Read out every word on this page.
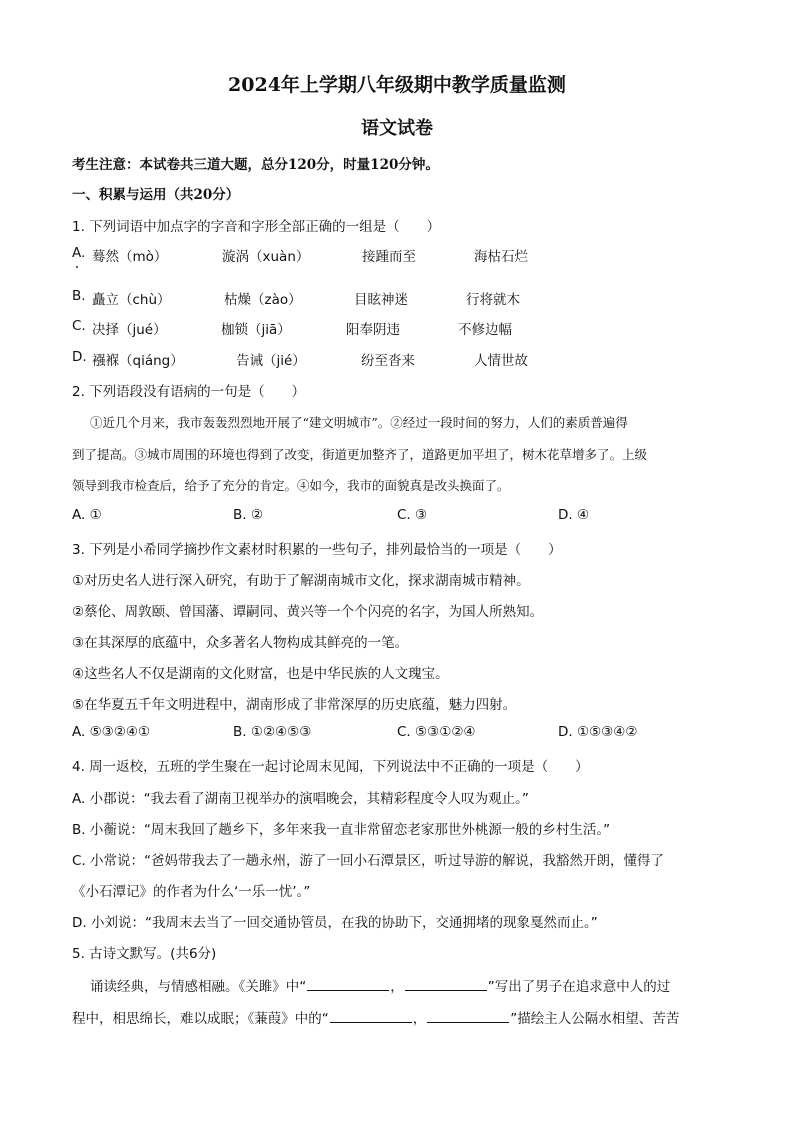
2024年上学期八年级期中教学质量监测
语文试卷
考生注意：本试卷共三道大题，总分120分，时量120分钟。
一、积累与运用（共20分）
1. 下列词语中加点字的字音和字形全部正确的一组是（　　）
A. 蓦然（mò）	漩涡（xuàn）	接踵而至	海枯石烂
B. 矗立（chù）	枯燥（zào）	目眩神迷	行将就木
C. 决择（jué）	枷锁（jiā）	阳奉阴违	不修边幅
D. 襁褓（qiáng）	告诫（jié）	纷至沓来	人情世故
2. 下列语段没有语病的一句是（　　）
①近几个月来，我市轰轰烈烈地开展了“建文明城市”。②经过一段时间的努力，人们的素质普遍得
到了提高。③城市周围的环境也得到了改变，街道更加整齐了，道路更加平坦了，树木花草增多了。上级
领导到我市检查后，给予了充分的肯定。④如今，我市的面貌真是改头换面了。
A. ①	B. ②	C. ③	D. ④
3. 下列是小希同学摘抄作文素材时积累的一些句子，排列最恰当的一项是（　　）
①对历史名人进行深入研究，有助于了解湖南城市文化，探求湖南城市精神。
②蔡伦、周敦颐、曾国藩、谭嗣同、黄兴等一个个闪亮的名字，为国人所熟知。
③在其深厚的底蕴中，众多著名人物构成其鲜亮的一笔。
④这些名人不仅是湖南的文化财富，也是中华民族的人文瑰宝。
⑤在华夏五千年文明进程中，湖南形成了非常深厚的历史底蕴，魅力四射。
A. ⑤③②④①	B. ①②④⑤③	C. ⑤③①②④	D. ①⑤③④②
4. 周一返校，五班的学生聚在一起讨论周末见闻，下列说法中不正确的一项是（　　）
A. 小郡说：“我去看了湖南卫视举办的演唱晚会，其精彩程度令人叹为观止。”
B. 小蘅说：“周末我回了趟乡下，多年来我一直非常留恋老家那世外桃源一般的乡村生活。”
C. 小常说：“爸妈带我去了一趟永州，游了一回小石潭景区，听过导游的解说，我豁然开朗，懂得了
《小石潭记》的作者为什么‘一乐一忧’。”
D. 小刘说：“我周末去当了一回交通协管员，在我的协助下，交通拥堵的现象戛然而止。”
5. 古诗文默写。(共6分)
诵读经典，与情感相融。《关雎》中“	，	”写出了男子在追求意中人的过
程中，相思绵长，难以成眠；《蒹葭》中的“	，	”描绘主人公隔水相望、苦苦
